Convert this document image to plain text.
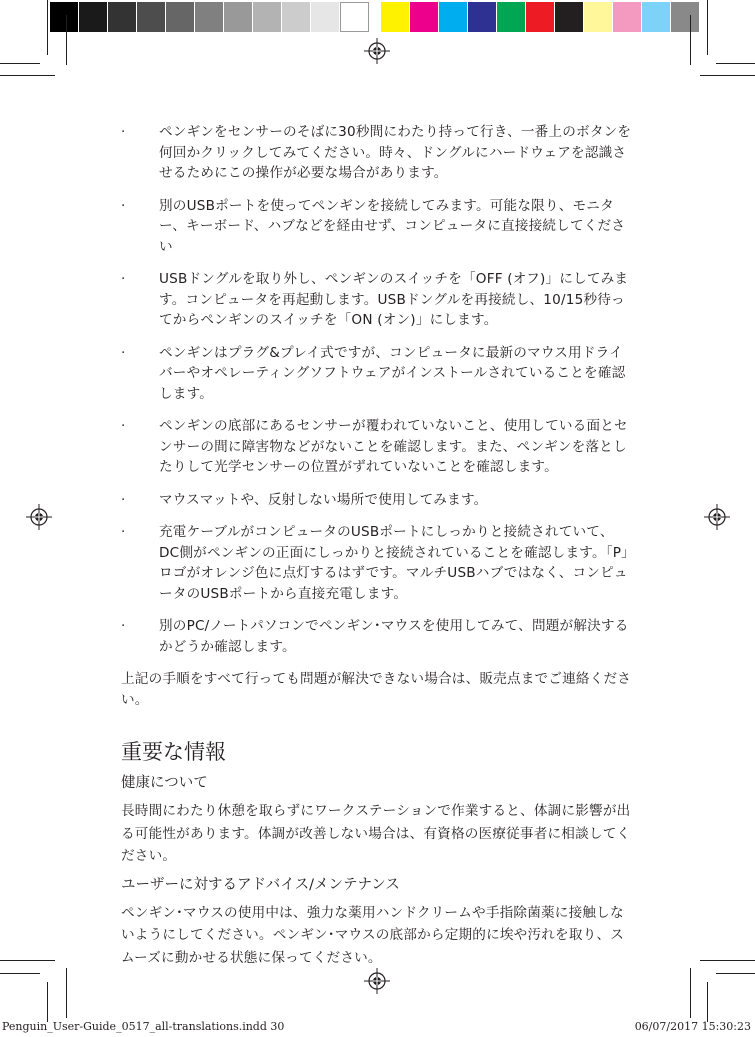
· ペンギンをセンサーのそばに30秒間にわたり持って行き、一番上のボタンを何回かクリックしてみてください。時々、ドングルにハードウェアを認識させるためにこの操作が必要な場合があります。
· 別のUSBポートを使ってペンギンを接続してみます。可能な限り、モニター、キーボード、ハブなどを経由せず、コンピュータに直接接続してください
· USBドングルを取り外し、ペンギンのスイッチを「OFF (オフ)」にしてみます。コンピュータを再起動します。USBドングルを再接続し、10/15秒待ってからペンギンのスイッチを「ON (オン)」にします。
· ペンギンはプラグ&プレイ式ですが、コンピュータに最新のマウス用ドライバーやオペレーティングソフトウェアがインストールされていることを確認します。
· ペンギンの底部にあるセンサーが覆われていないこと、使用している面とセンサーの間に障害物などがないことを確認します。また、ペンギンを落としたりして光学センサーの位置がずれていないことを確認します。
· マウスマットや、反射しない場所で使用してみます。
· 充電ケーブルがコンピュータのUSBポートにしっかりと接続されていて、DC側がペンギンの正面にしっかりと接続されていることを確認します。「P」ロゴがオレンジ色に点灯するはずです。マルチUSBハブではなく、コンピュータのUSBポートから直接充電します。
· 別のPC/ノートパソコンでペンギン･マウスを使用してみて、問題が解決するかどうか確認します。

上記の手順をすべて行っても問題が解決できない場合は、販売点までご連絡ください。

重要な情報
健康について

長時間にわたり休憩を取らずにワークステーションで作業すると、体調に影響が出る可能性があります。体調が改善しない場合は、有資格の医療従事者に相談してください。

ユーザーに対するアドバイス/メンテナンス

ペンギン･マウスの使用中は、強力な薬用ハンドクリームや手指除菌薬に接触しないようにしてください。ペンギン･マウスの底部から定期的に埃や汚れを取り、スムーズに動かせる状態に保ってください。

Penguin_User-Guide_0517_all-translations.indd 30	06/07/2017 15:30:23
